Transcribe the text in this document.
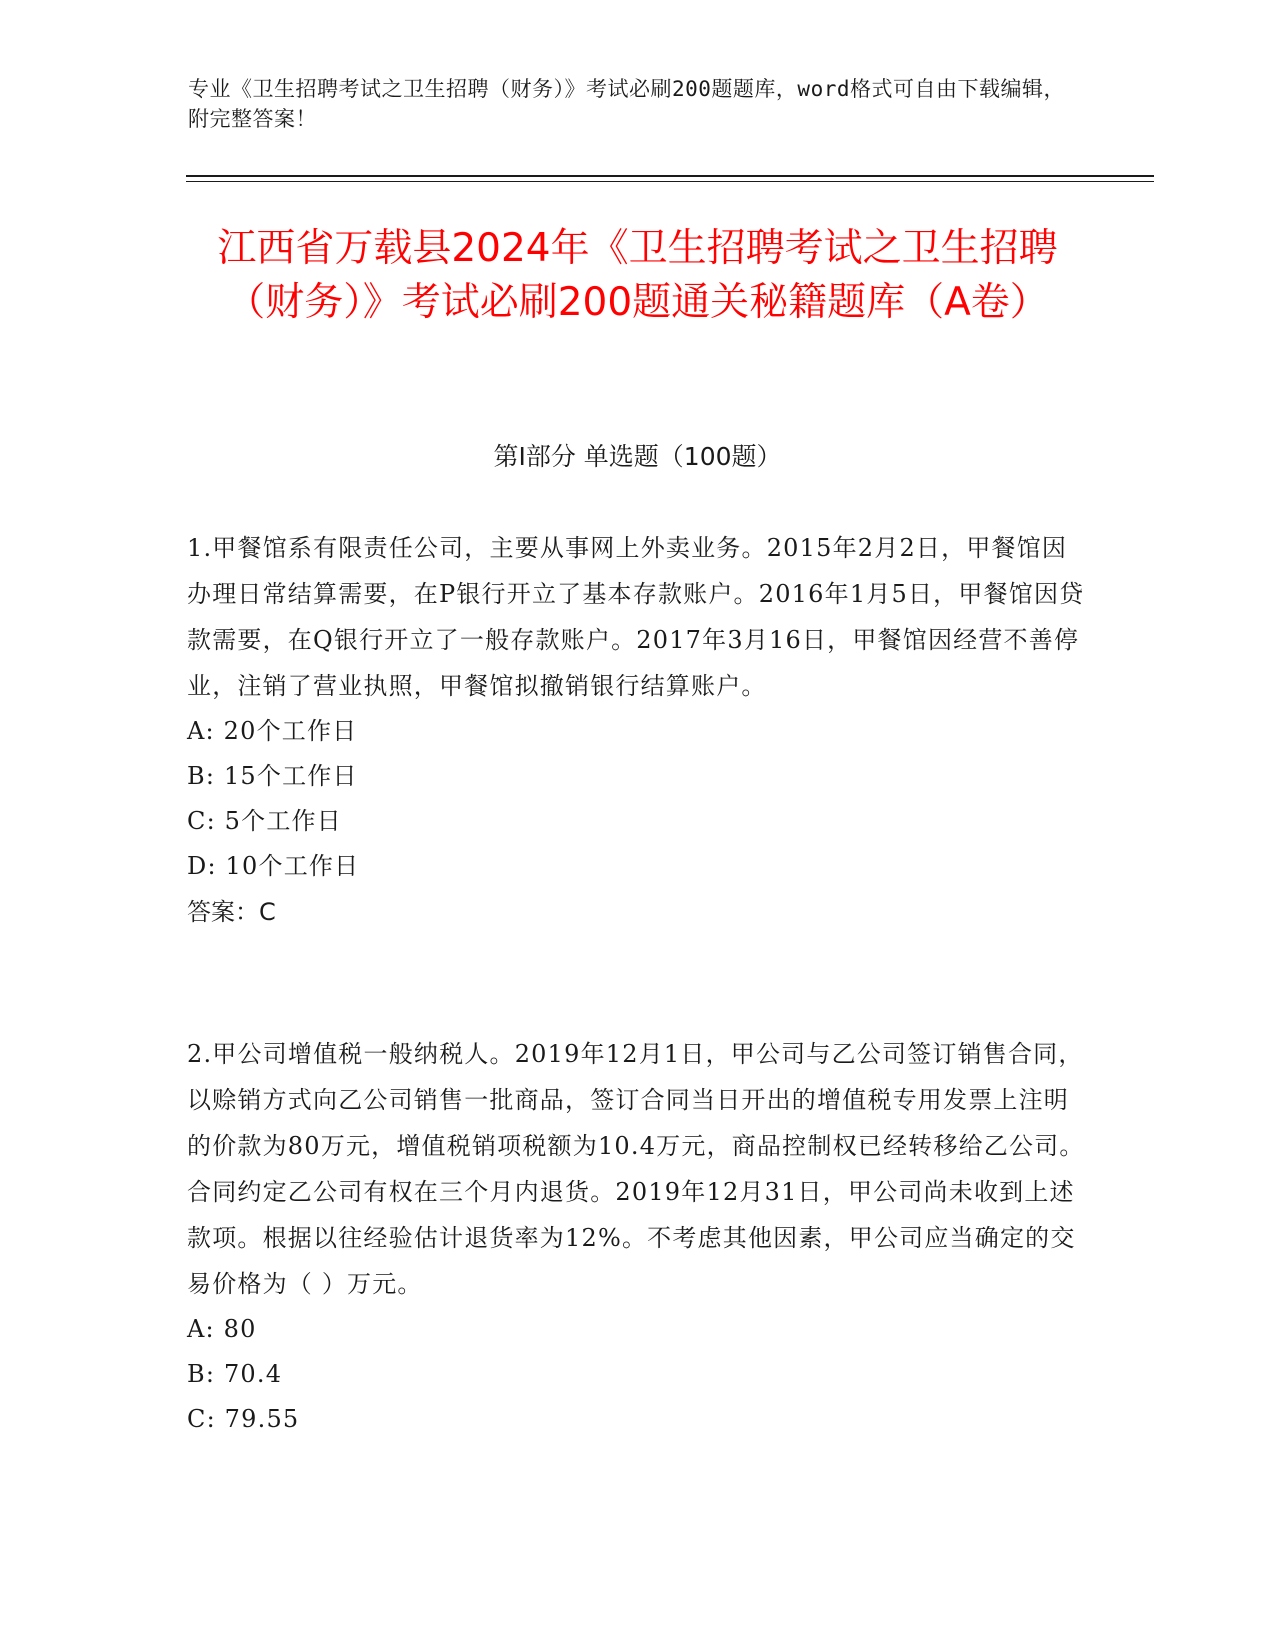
专业《卫生招聘考试之卫生招聘（财务）》考试必刷200题题库，word格式可自由下载编辑，附完整答案！
江西省万载县2024年《卫生招聘考试之卫生招聘（财务）》考试必刷200题通关秘籍题库（A卷）
第Ⅰ部分 单选题（100题）

1.甲餐馆系有限责任公司，主要从事网上外卖业务。2015年2月2日，甲餐馆因办理日常结算需要，在P银行开立了基本存款账户。2016年1月5日，甲餐馆因贷款需要，在Q银行开立了一般存款账户。2017年3月16日，甲餐馆因经营不善停业，注销了营业执照，甲餐馆拟撤销银行结算账户。

A: 20个工作日

B: 15个工作日

C: 5个工作日

D: 10个工作日

答案：C

2.甲公司增值税一般纳税人。2019年12月1日，甲公司与乙公司签订销售合同，以赊销方式向乙公司销售一批商品，签订合同当日开出的增值税专用发票上注明的价款为80万元，增值税销项税额为10.4万元，商品控制权已经转移给乙公司。合同约定乙公司有权在三个月内退货。2019年12月31日，甲公司尚未收到上述款项。根据以往经验估计退货率为12%。不考虑其他因素，甲公司应当确定的交易价格为（ ）万元。

A: 80

B: 70.4

C: 79.55
